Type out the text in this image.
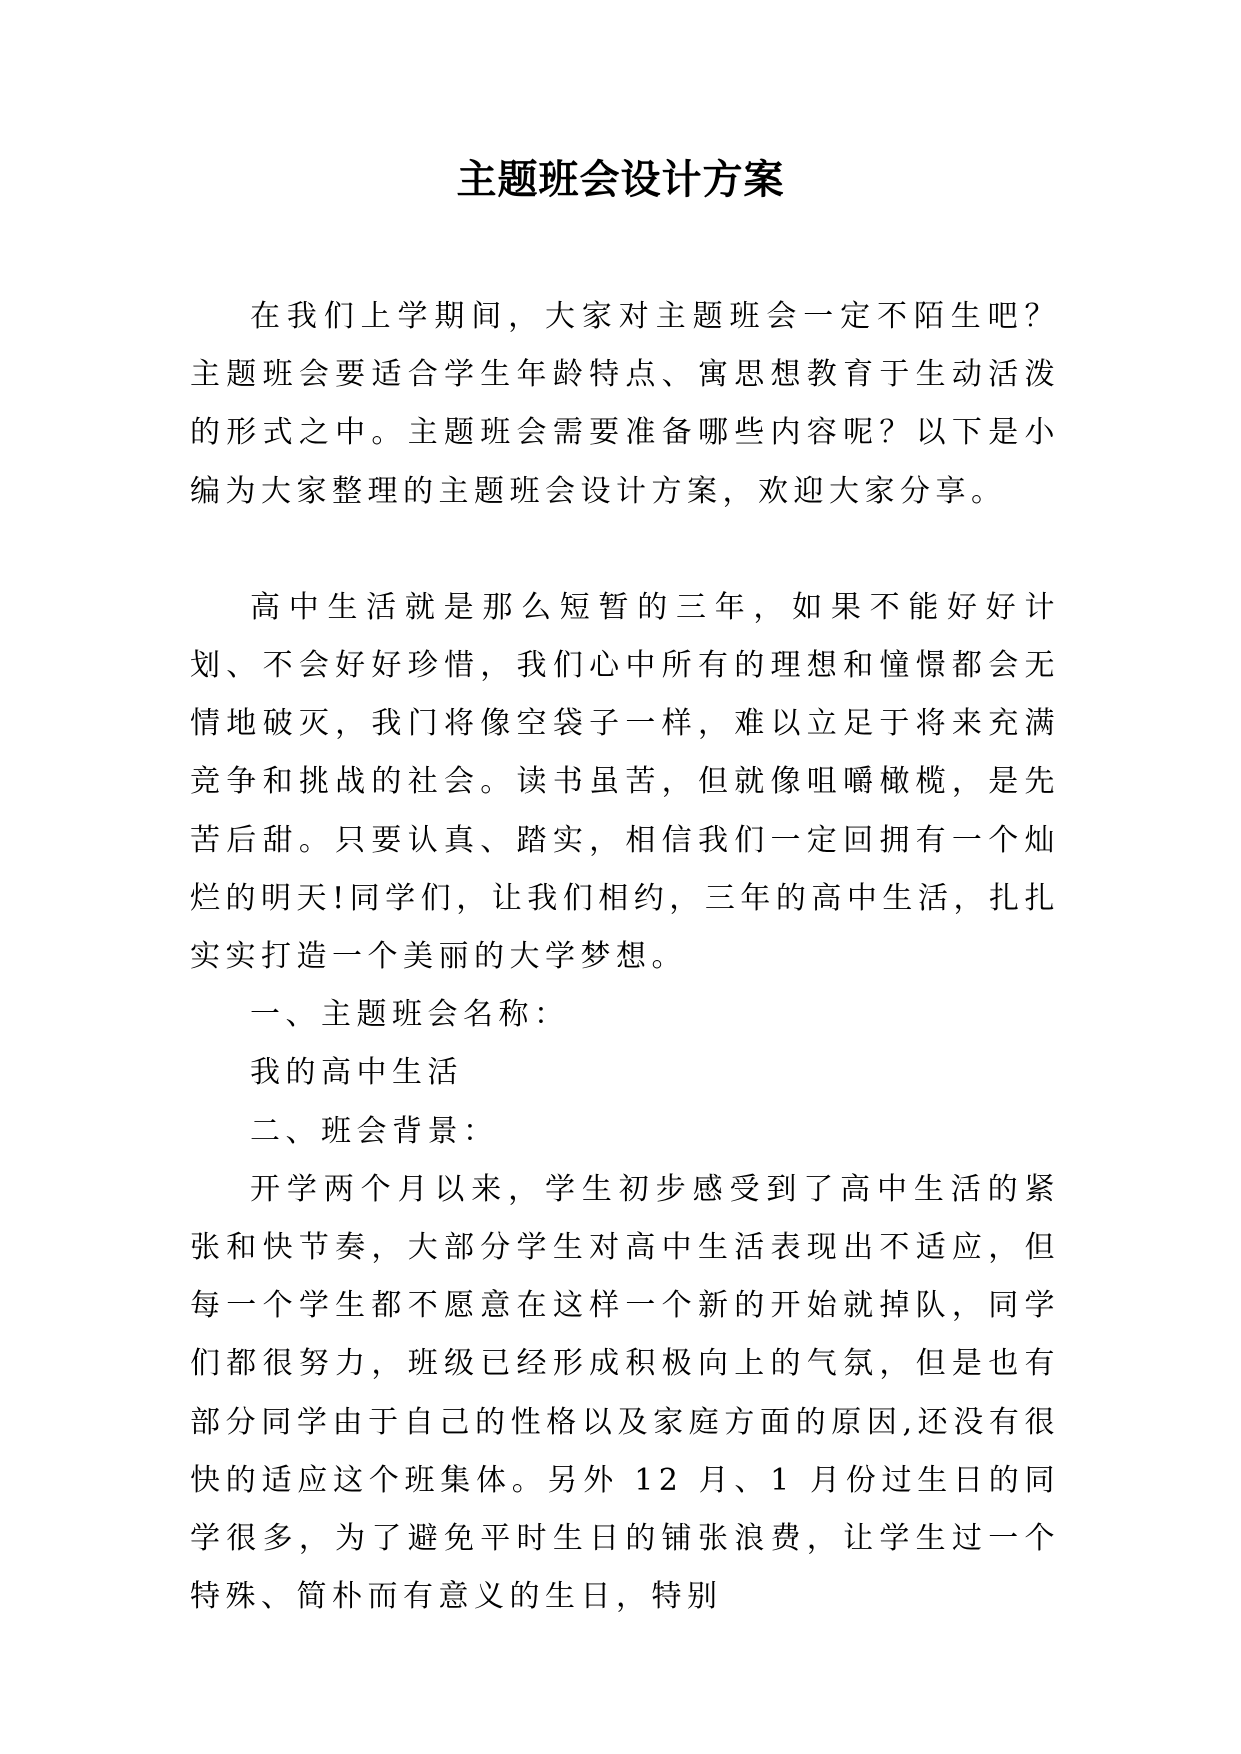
主题班会设计方案

在我们上学期间，大家对主题班会一定不陌生吧？主题班会要适合学生年龄特点、寓思想教育于生动活泼的形式之中。主题班会需要准备哪些内容呢？以下是小编为大家整理的主题班会设计方案，欢迎大家分享。

高中生活就是那么短暂的三年，如果不能好好计划、不会好好珍惜，我们心中所有的理想和憧憬都会无情地破灭，我门将像空袋子一样，难以立足于将来充满竞争和挑战的社会。读书虽苦，但就像咀嚼橄榄，是先苦后甜。只要认真、踏实，相信我们一定回拥有一个灿烂的明天!同学们，让我们相约，三年的高中生活，扎扎实实打造一个美丽的大学梦想。

一、主题班会名称：

我的高中生活

二、班会背景：

开学两个月以来，学生初步感受到了高中生活的紧张和快节奏，大部分学生对高中生活表现出不适应，但每一个学生都不愿意在这样一个新的开始就掉队，同学们都很努力，班级已经形成积极向上的气氛，但是也有部分同学由于自己的性格以及家庭方面的原因,还没有很快的适应这个班集体。另外 12 月、1 月份过生日的同学很多，为了避免平时生日的铺张浪费，让学生过一个特殊、简朴而有意义的生日，特别
